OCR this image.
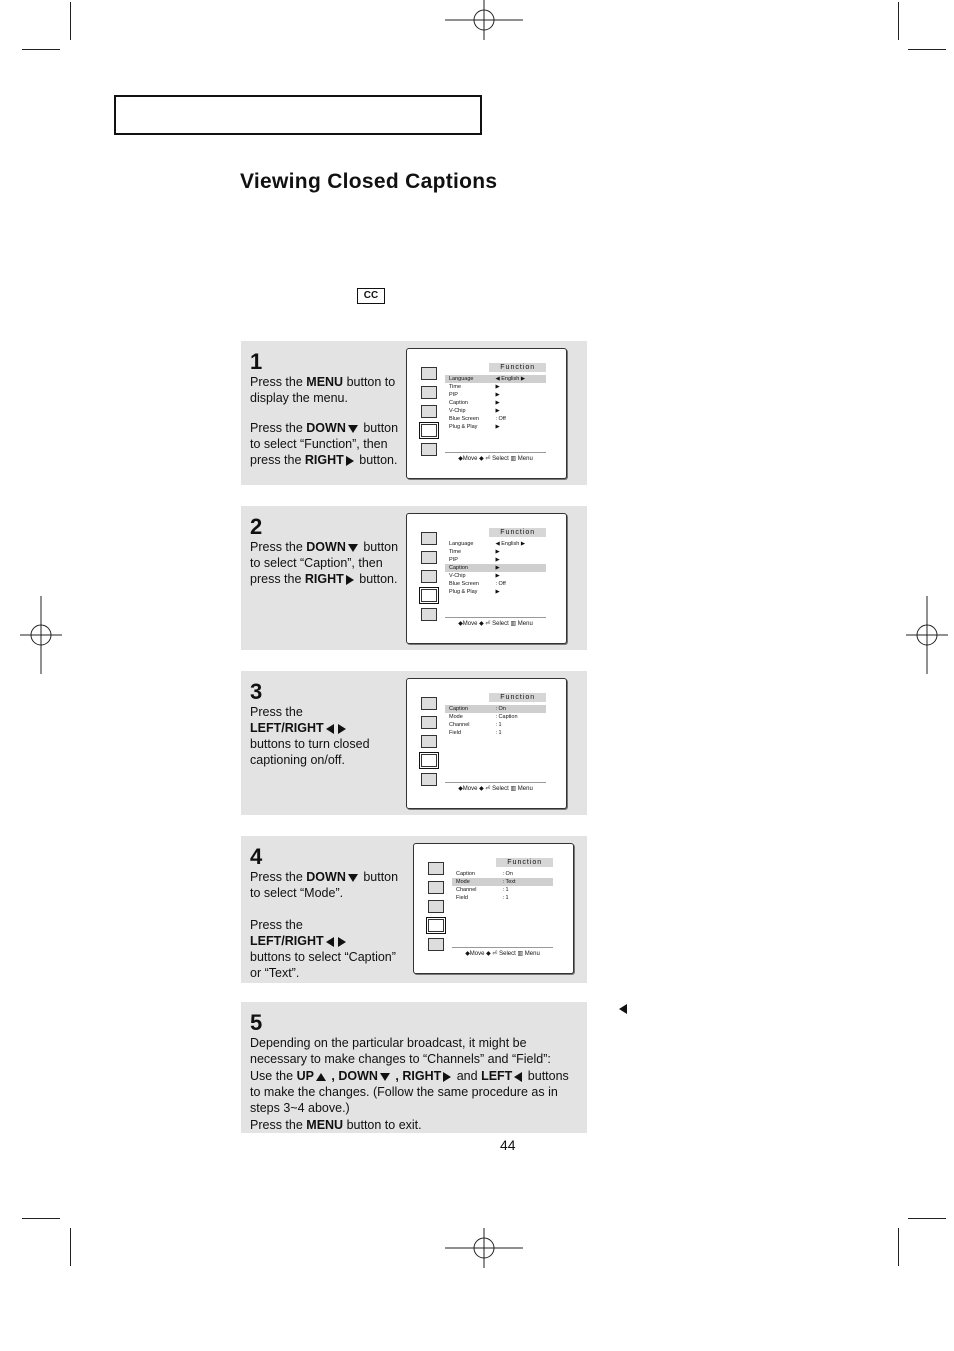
Viewing Closed Captions
CC
1

Press the MENU button to display the menu.

Press the DOWN button to select “Function”, then press the RIGHT button.

Function
Language	◀ English ▶
Time	▶
PIP	▶
Caption	▶
V-Chip	▶
Blue Screen	: Off
Plug & Play	▶
◆Move ◆ ⏎ Select ▥ Menu
2

Press the DOWN button to select “Caption”, then press the RIGHT button.

Function
Language	◀ English ▶
Time	▶
PIP	▶
Caption	▶
V-Chip	▶
Blue Screen	: Off
Plug & Play	▶
◆Move ◆ ⏎ Select ▥ Menu
3

Press the
LEFT/RIGHT
buttons to turn closed captioning on/off.

Function
Caption	: On
Mode	: Caption
Channel	: 1
Field	: 1
◆Move ◆ ⏎ Select ▥ Menu
4

Press the DOWN button to select “Mode”.

Press the
LEFT/RIGHT
buttons to select “Caption” or “Text”.

Function
Caption	: On
Mode	: Text
Channel	: 1
Field	: 1
◆Move ◆ ⏎ Select ▥ Menu
5

Depending on the particular broadcast, it might be necessary to make changes to “Channels” and “Field”:

Use the UP , DOWN , RIGHT and LEFT buttons to make the changes. (Follow the same procedure as in steps 3~4 above.)

Press the MENU button to exit.

44
